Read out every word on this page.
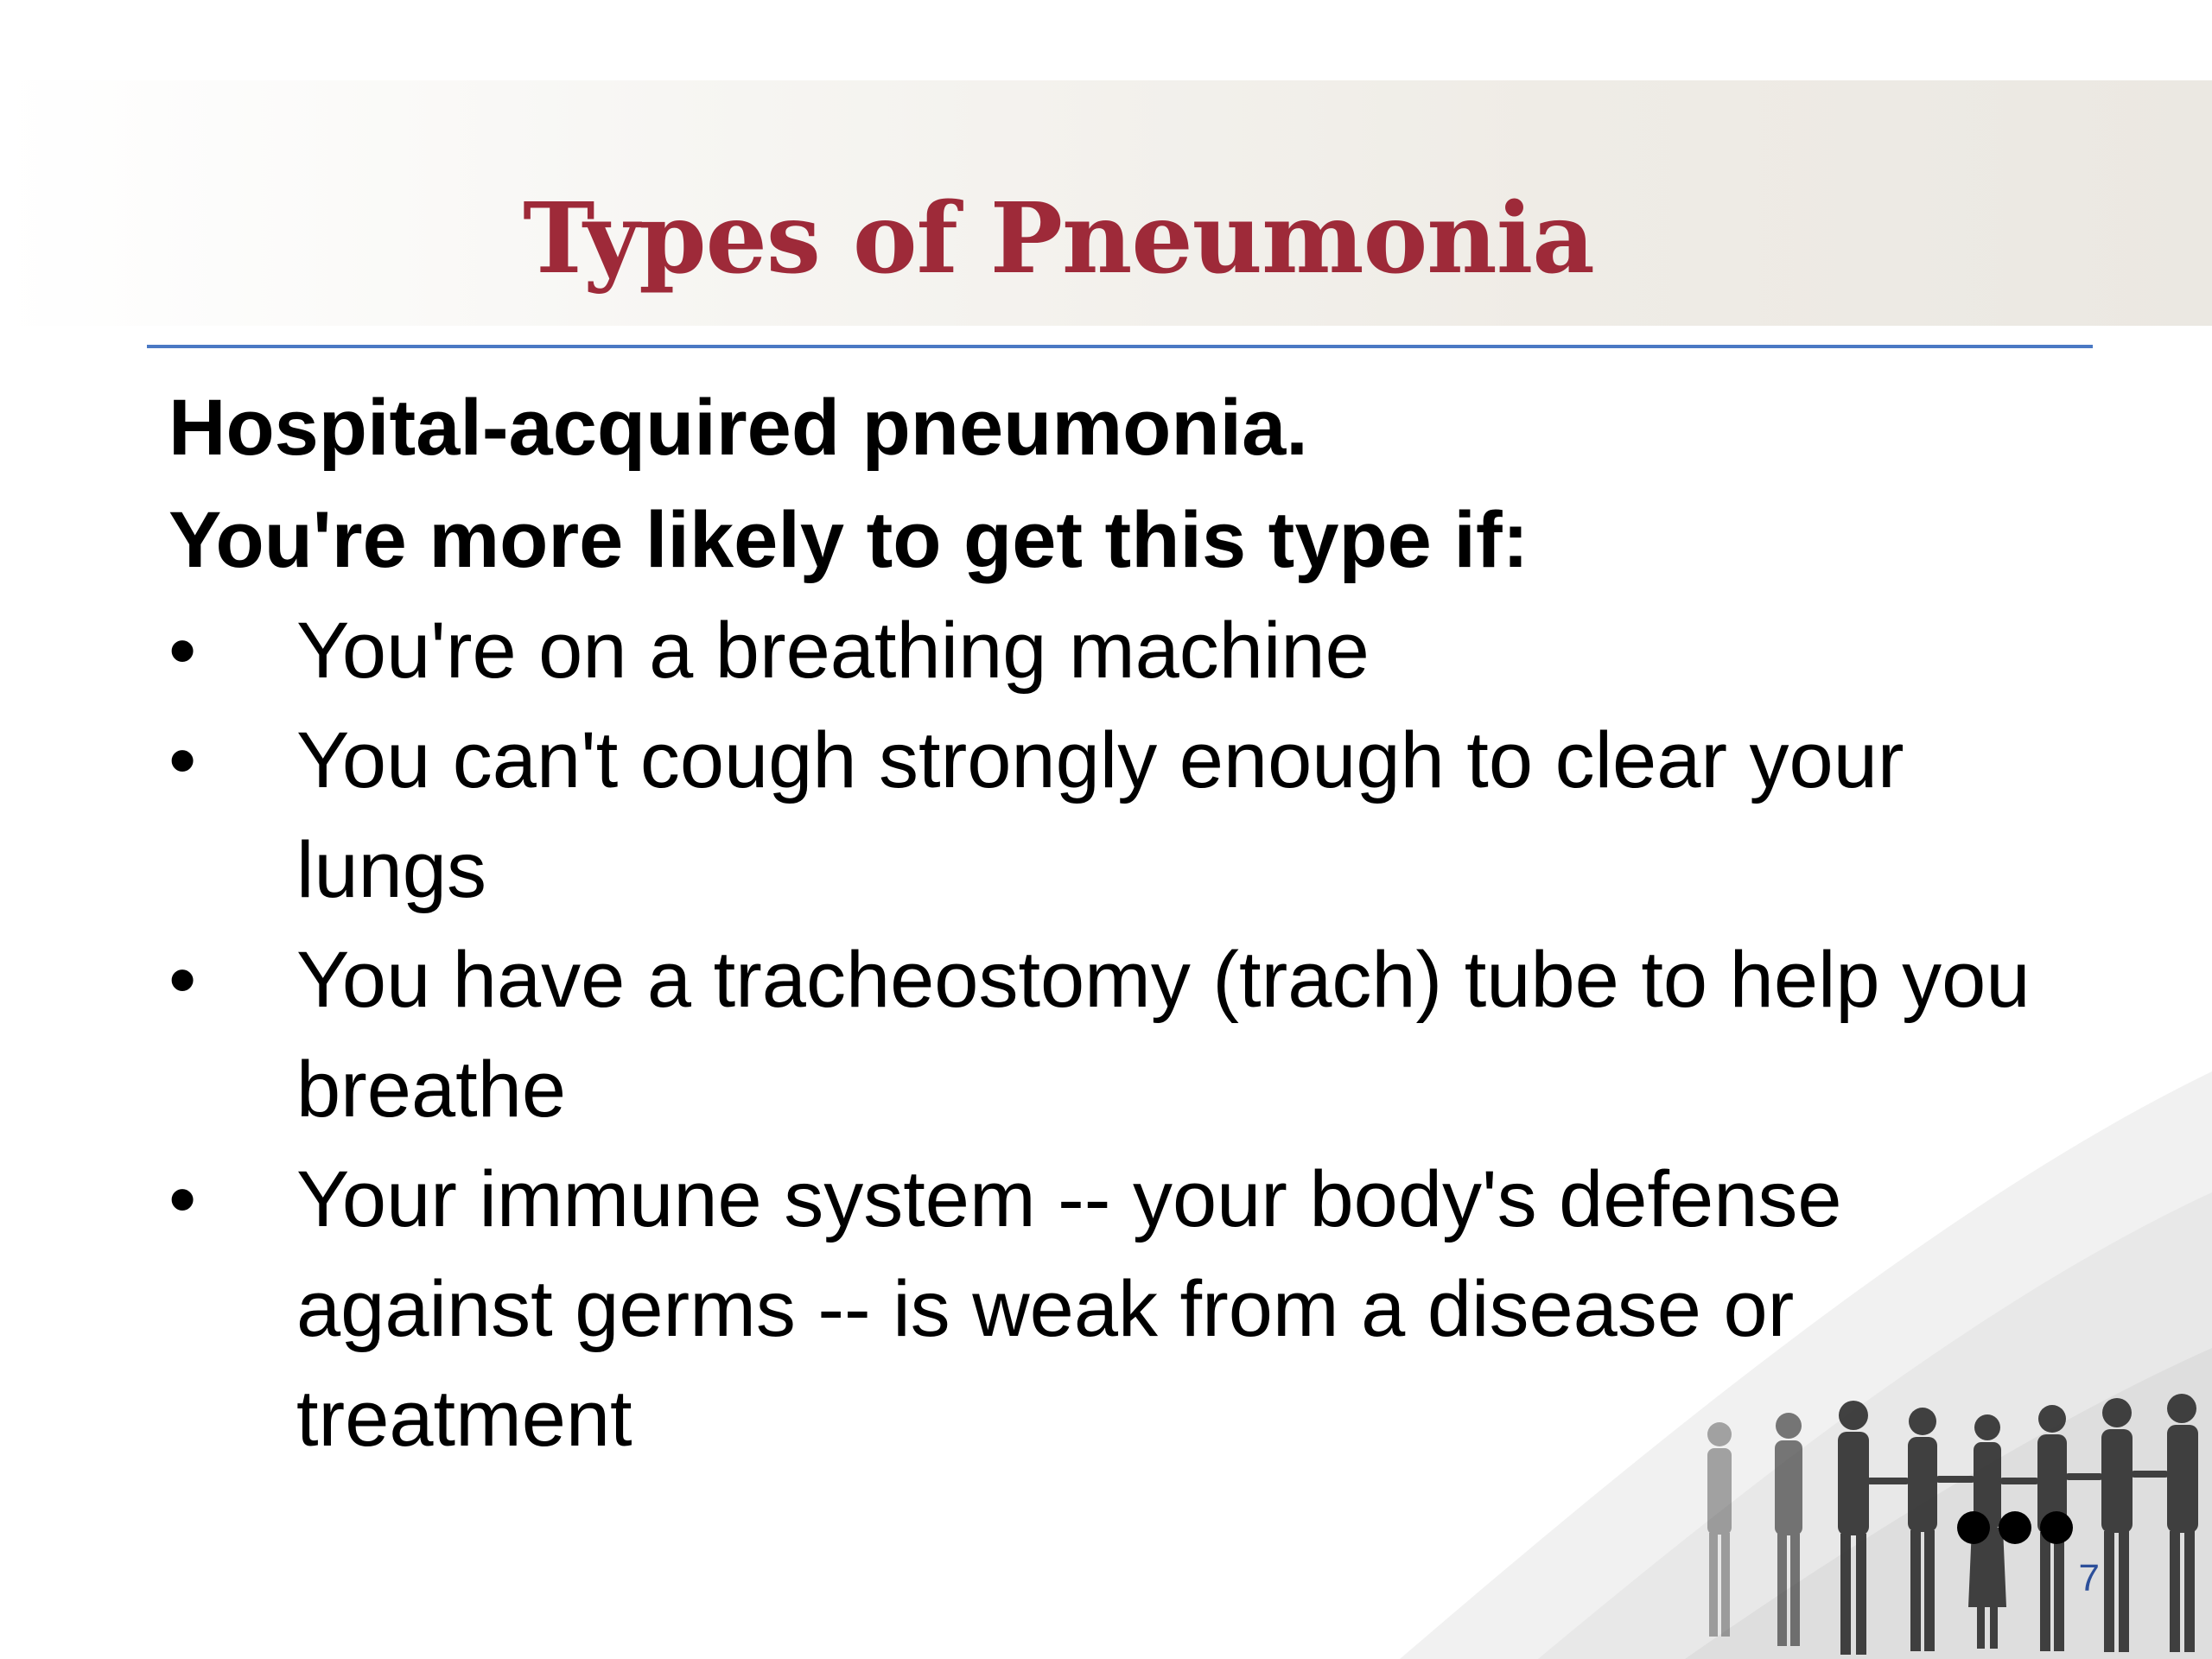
Types of Pneumonia

Hospital-acquired pneumonia.

You're more likely to get this type if:

• You're on a breathing machine
• You can't cough strongly enough to clear your lungs
• You have a tracheostomy (trach) tube to help you breathe
• Your immune system -- your body's defense against germs -- is weak from a disease or treatment
7
